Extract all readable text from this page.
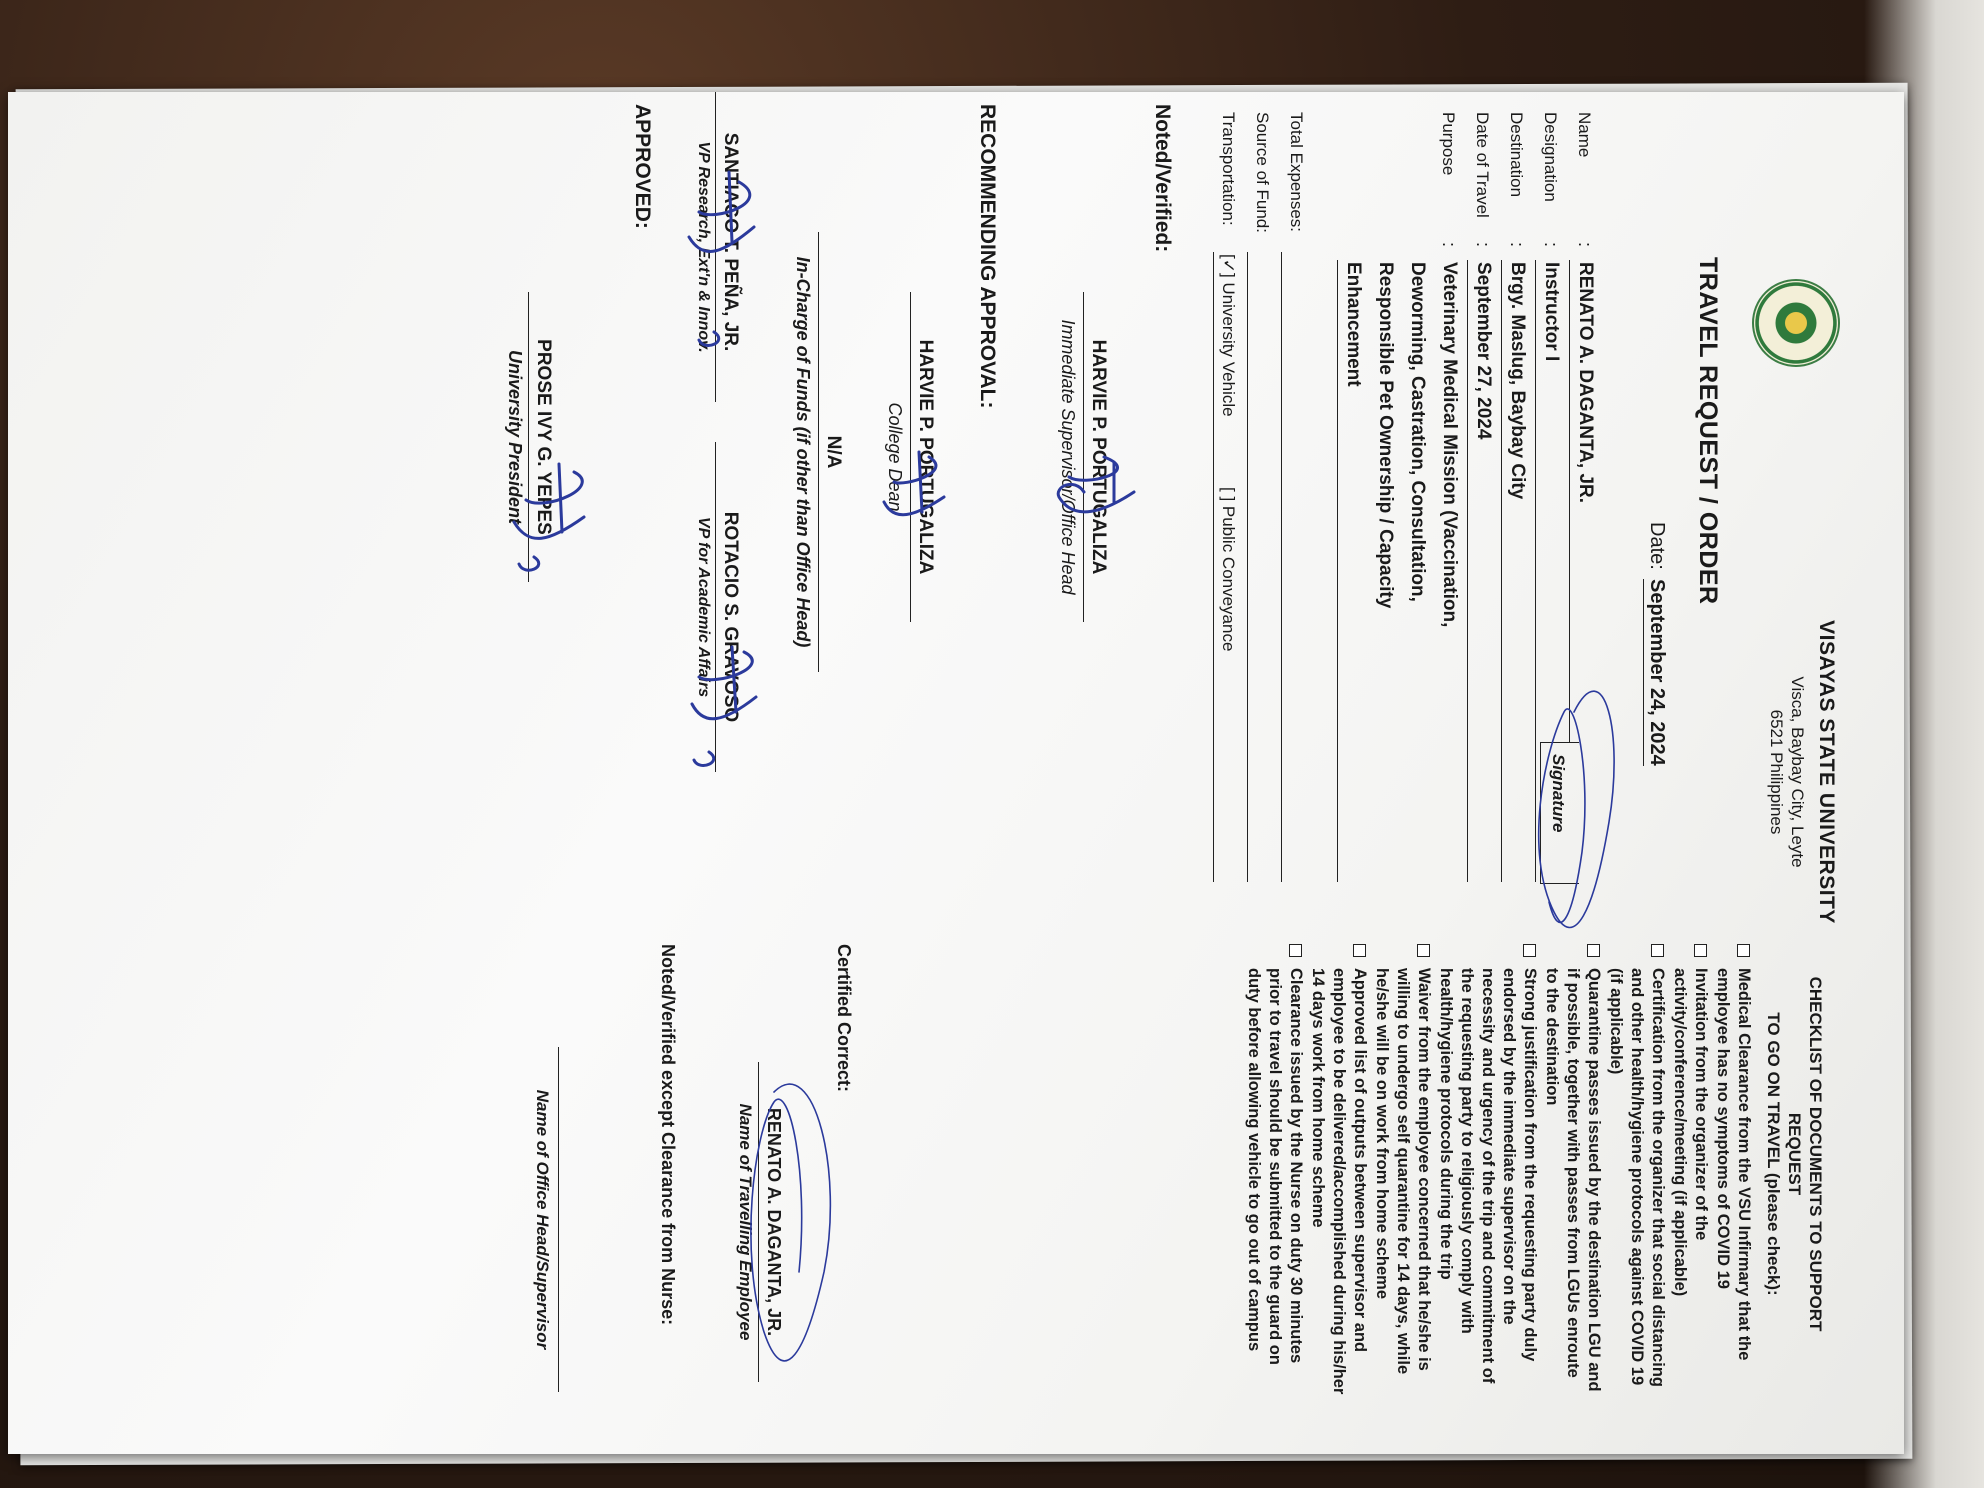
VISAYAS STATE UNIVERSITY
Visca, Baybay City, Leyte
6521 Philippines
TRAVEL REQUEST / ORDER
Date:
September 24, 2024
Name
:
RENATO A. DAGANTA, JR.
Signature
Designation
:
Instructor I
Destination
:
Brgy. Maslug, Baybay City
Date of Travel
:
September 27, 2024
Purpose
:
Veterinary Medical Mission (Vaccination,
Deworming, Castration, Consultation,
Responsible Pet Ownership / Capacity
Enhancement
Total Expenses:
Source of Fund:
Transportation:
[✓] University Vehicle
[ ] Public Conveyance
Noted/Verified:
HARVIE P. PORTUGALIZA
Immediate Supervisor/Office Head
RECOMMENDING APPROVAL:
HARVIE P. PORTUGALIZA
College Dean
N/A
In-Charge of Funds (if other than Office Head)
SANTIAGO T. PEÑA, JR.
VP Research, Ext'n & Innov.
ROTACIO S. GRAVOSO
VP for Academic Affairs
APPROVED:
PROSE IVY G. YEPES
University President
CHECKLIST OF DOCUMENTS TO SUPPORT REQUEST
TO GO ON TRAVEL (please check):
Medical Clearance from the VSU Infirmary that the employee has no symptoms of COVID 19
Invitation from the organizer of the activity/conference/meeting (if applicable)
Certification from the organizer that social distancing and other health/hygiene protocols against COVID 19 (if applicable)
Quarantine passes issued by the destination LGU and if possible, together with passes from LGUs enroute to the destination
Strong justification from the requesting party duly endorsed by the immediate supervisor on the necessity and urgency of the trip and commitment of the requesting party to religiously comply with health/hygiene protocols during the trip
Waiver from the employee concerned that he/she is willing to undergo self quarantine for 14 days, while he/she will be on work from home scheme
Approved list of outputs between supervisor and employee to be delivered/accomplished during his/her 14 days work from home scheme
Clearance issued by the Nurse on duty 30 minutes prior to travel should be submitted to the guard on duty before allowing vehicle to go out of campus
Certified Correct:
RENATO A. DAGANTA, JR.
Name of Travelling Employee
Noted/Verified except Clearance from Nurse:
Name of Office Head/Supervisor
